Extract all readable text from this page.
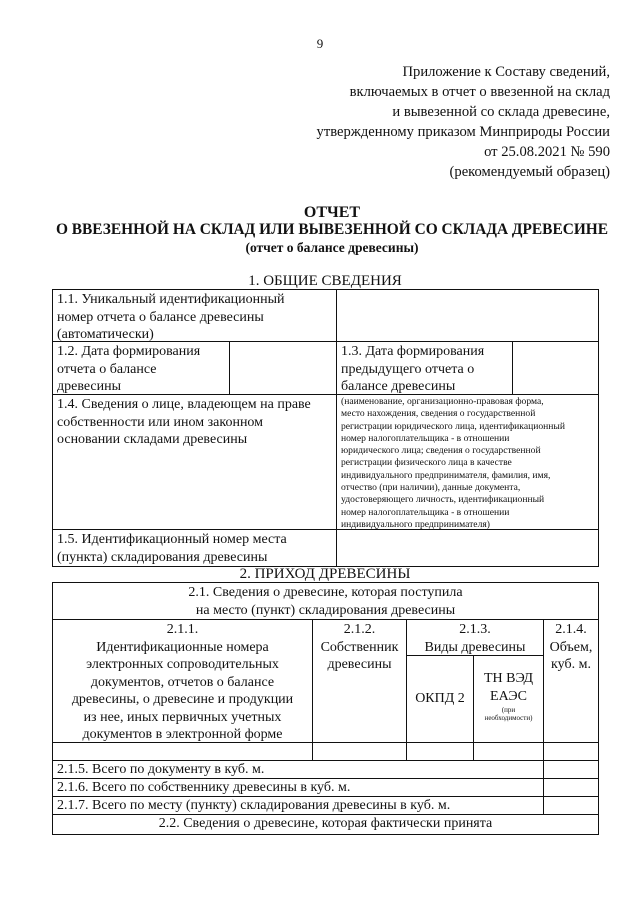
9
Приложение к Составу сведений,
включаемых в отчет о ввезенной на склад
и вывезенной со склада древесине,
утвержденному приказом Минприроды России
от 25.08.2021 № 590
(рекомендуемый образец)
ОТЧЕТ
О ВВЕЗЕННОЙ НА СКЛАД ИЛИ ВЫВЕЗЕННОЙ СО СКЛАДА ДРЕВЕСИНЕ
(отчет о балансе древесины)
1. ОБЩИЕ СВЕДЕНИЯ
1.1. Уникальный идентификационный
номер отчета о балансе древесины
(автоматически)
1.2. Дата формирования
отчета о балансе
древесины
1.3. Дата формирования
предыдущего отчета о
балансе древесины
1.4. Сведения о лице, владеющем на праве
собственности или ином законном
основании складами древесины
(наименование, организационно-правовая форма,
место нахождения, сведения о государственной
регистрации юридического лица, идентификационный
номер налогоплательщика - в отношении
юридического лица; сведения о государственной
регистрации физического лица в качестве
индивидуального предпринимателя, фамилия, имя,
отчество (при наличии), данные документа,
удостоверяющего личность, идентификационный
номер налогоплательщика - в отношении
индивидуального предпринимателя)
1.5. Идентификационный номер места
(пункта) складирования древесины
2. ПРИХОД ДРЕВЕСИНЫ
2.1. Сведения о древесине, которая поступила
на место (пункт) складирования древесины
2.1.1.
Идентификационные номера
электронных сопроводительных
документов, отчетов о балансе
древесины, о древесине и продукции
из нее, иных первичных учетных
документов в электронной форме
2.1.2.
Собственник
древесины
2.1.3.
Виды древесины
ОКПД 2
ТН ВЭД
ЕАЭС
(при
необходимости)
2.1.4.
Объем,
куб. м.
2.1.5. Всего по документу в куб. м.
2.1.6. Всего по собственнику древесины в куб. м.
2.1.7. Всего по месту (пункту) складирования древесины в куб. м.
2.2. Сведения о древесине, которая фактически принята
